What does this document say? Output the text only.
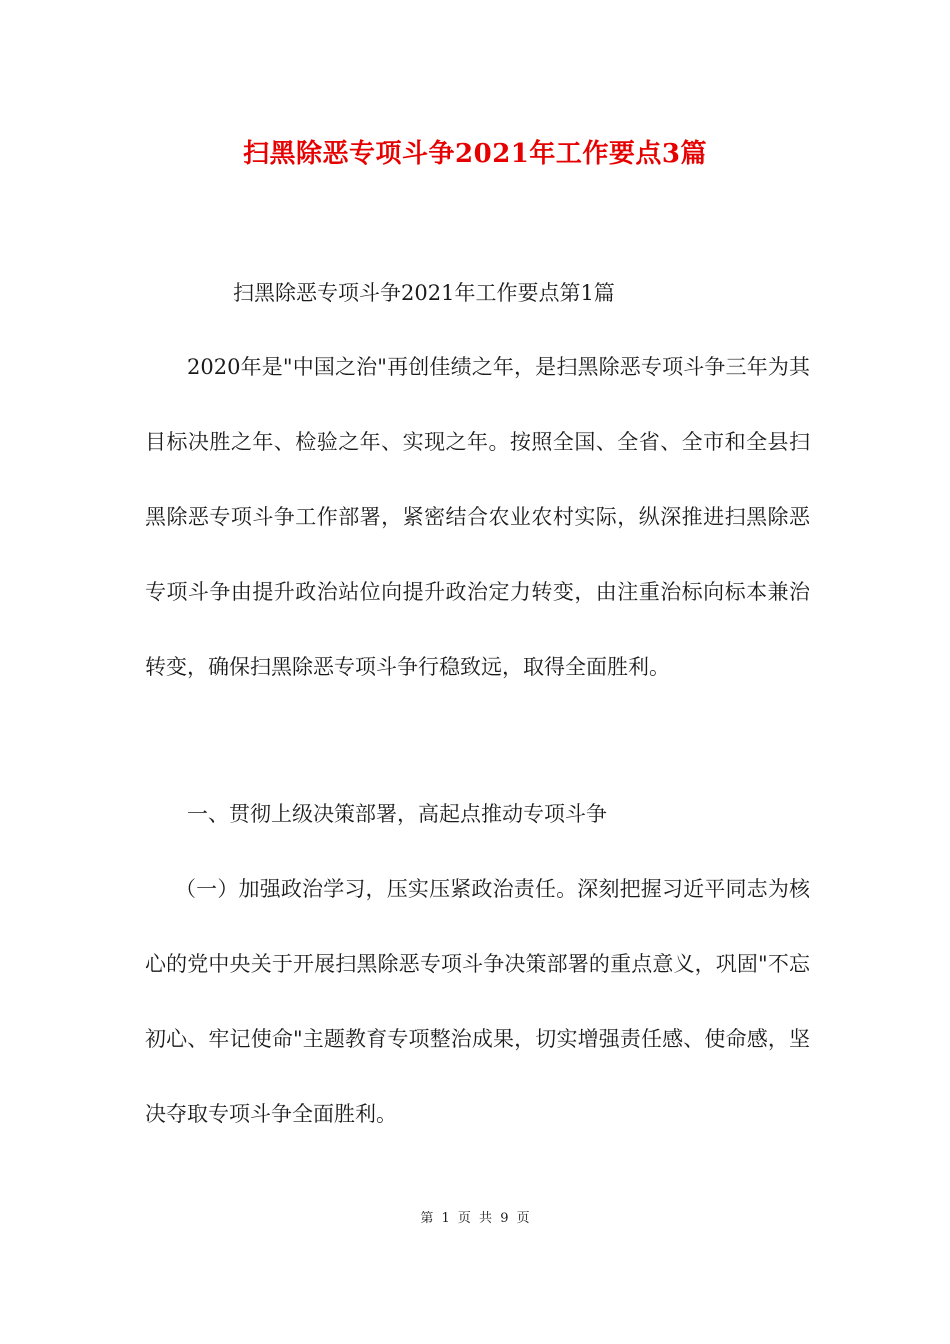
扫黑除恶专项斗争2021年工作要点3篇

扫黑除恶专项斗争2021年工作要点第1篇

2020年是"中国之治"再创佳绩之年，是扫黑除恶专项斗争三年为其目标决胜之年、检验之年、实现之年。按照全国、全省、全市和全县扫黑除恶专项斗争工作部署，紧密结合农业农村实际，纵深推进扫黑除恶专项斗争由提升政治站位向提升政治定力转变，由注重治标向标本兼治转变，确保扫黑除恶专项斗争行稳致远，取得全面胜利。

一、贯彻上级决策部署，高起点推动专项斗争

（一）加强政治学习，压实压紧政治责任。深刻把握习近平同志为核心的党中央关于开展扫黑除恶专项斗争决策部署的重点意义，巩固"不忘初心、牢记使命"主题教育专项整治成果，切实增强责任感、使命感，坚决夺取专项斗争全面胜利。

第 1 页 共 9 页
